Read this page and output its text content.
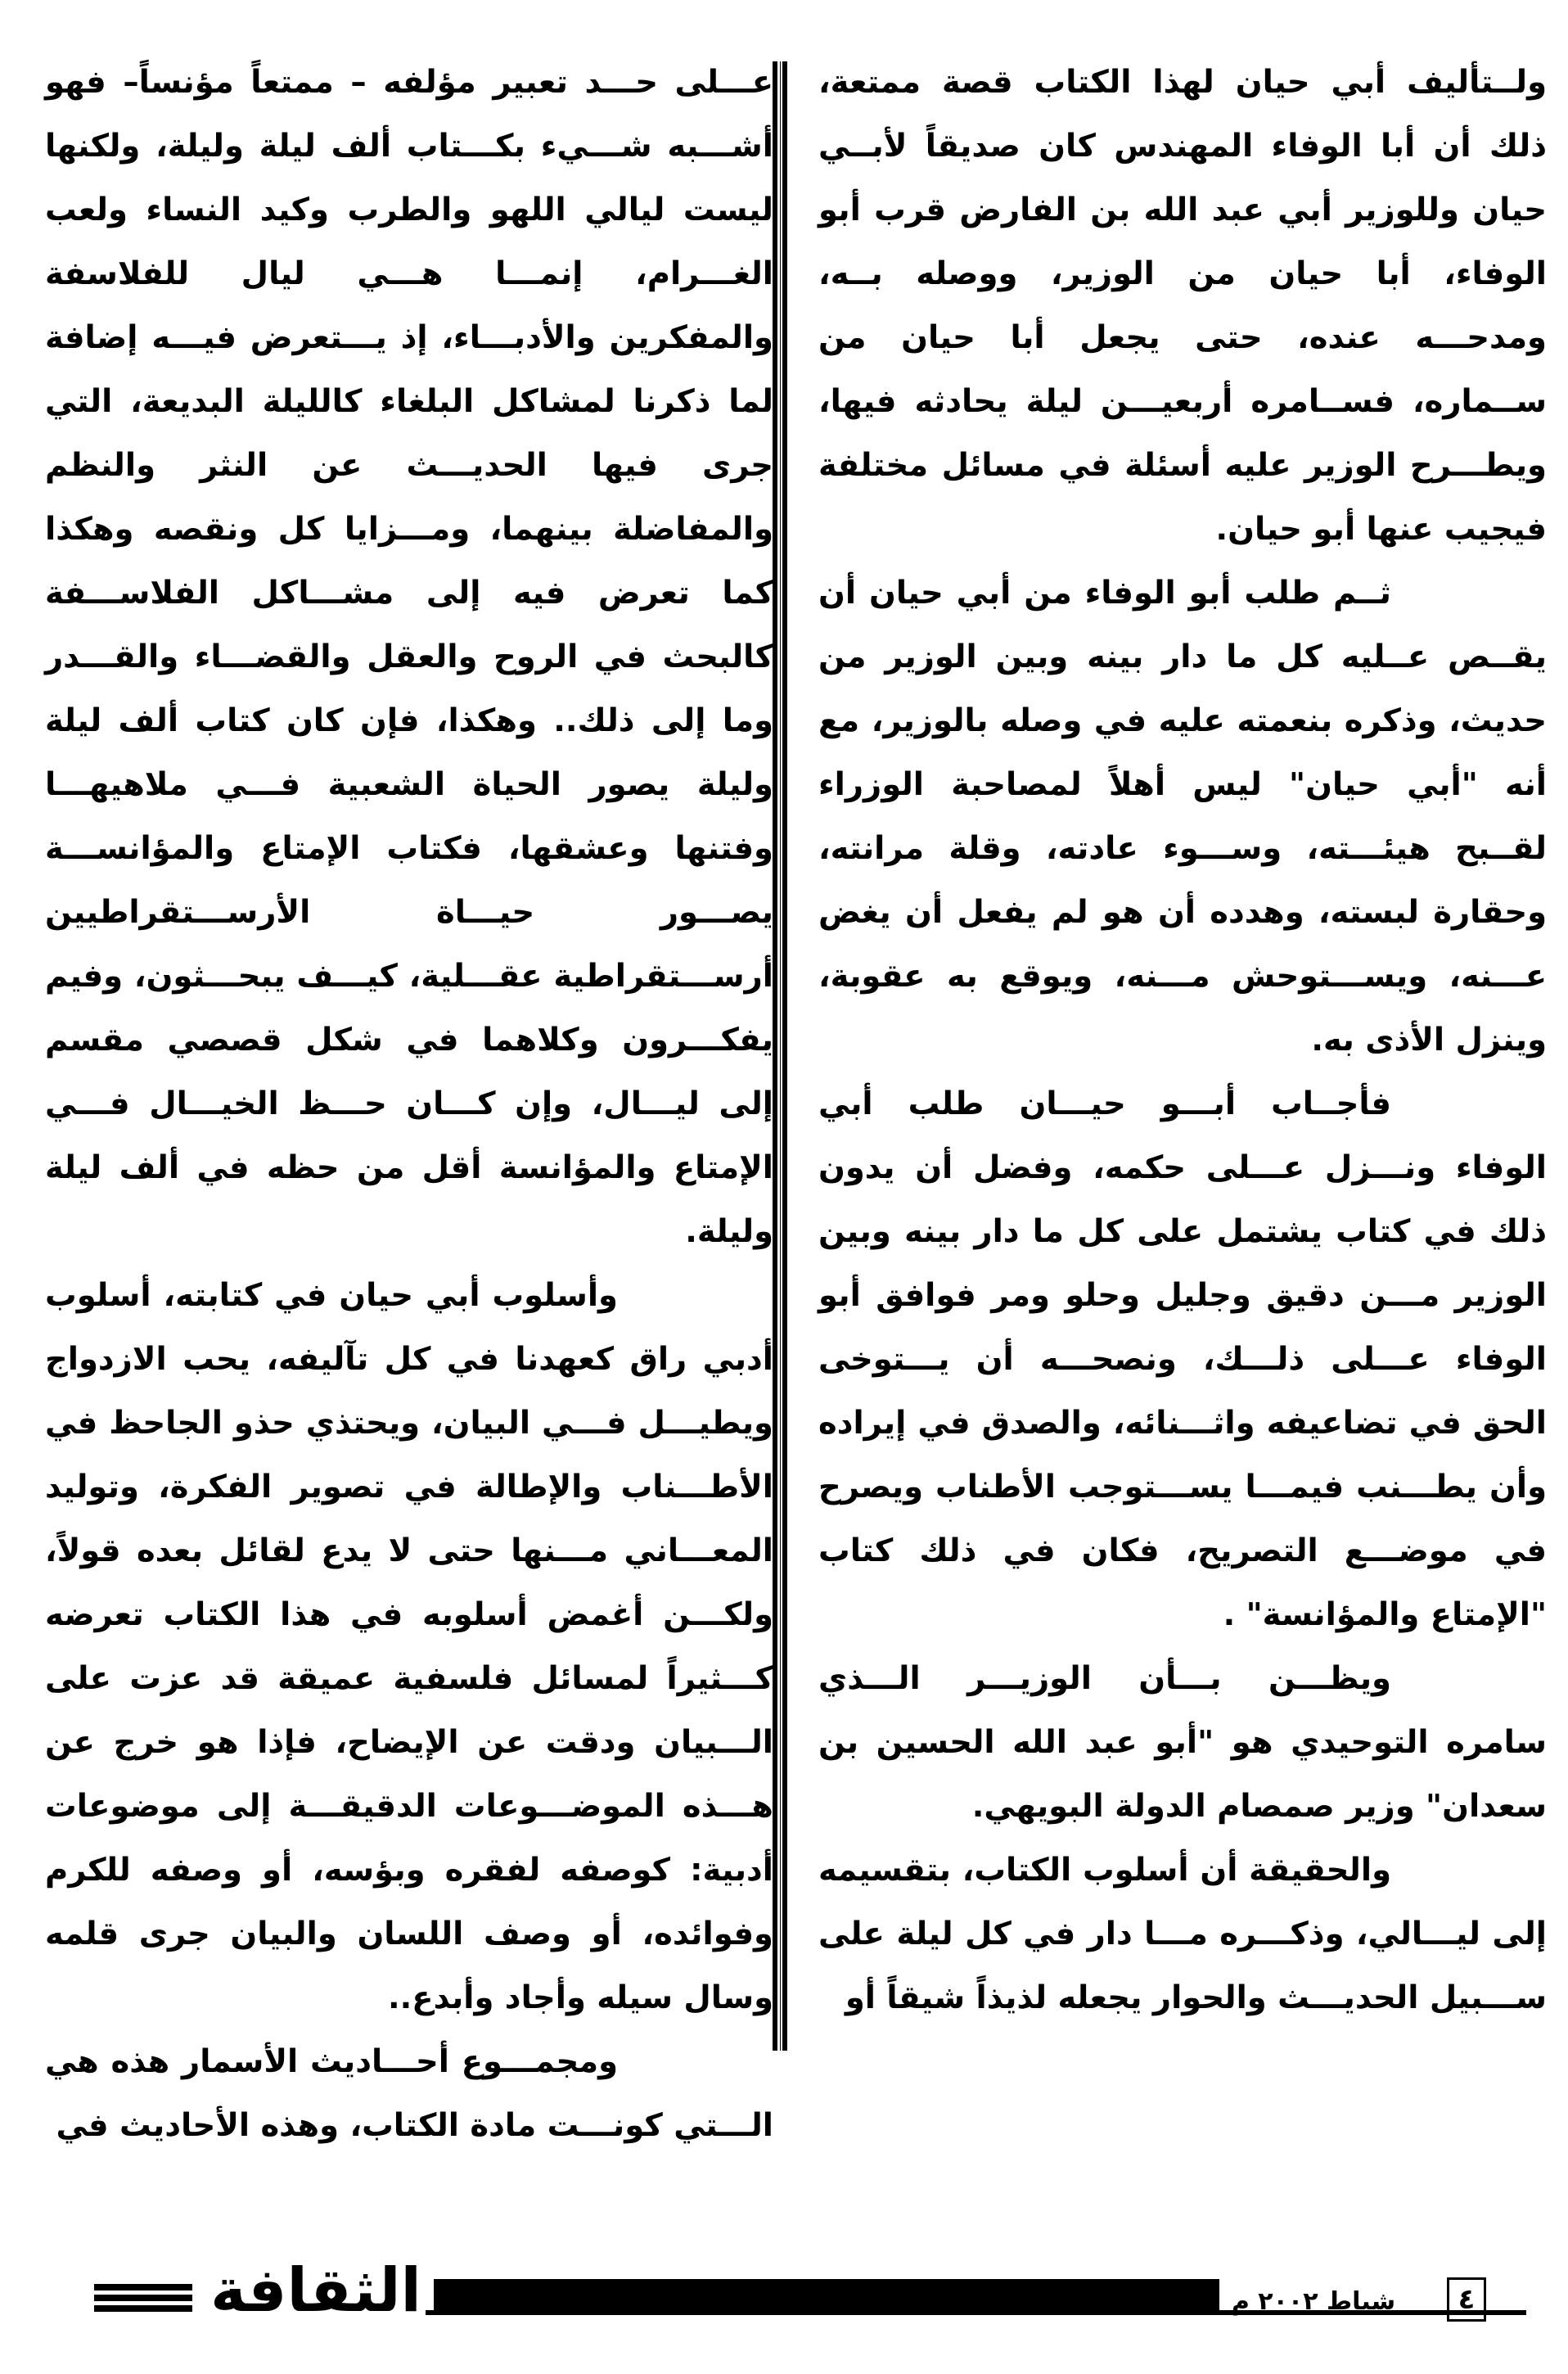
ولــتأليف أبي حيان لهذا الكتاب قصة ممتعة، ذلك أن أبا الوفاء المهندس كان صديقاً لأبــي حيان وللوزير أبي عبد الله بن الفارض قرب أبو الوفاء، أبا حيان من الوزير، ووصله بــه، ومدحـــه عنده، حتى يجعل أبا حيان من ســماره، فســامره أربعيـــن ليلة يحادثه فيها، ويطـــرح الوزير عليه أسئلة في مسائل مختلفة فيجيب عنها أبو حيان.

ثــم طلب أبو الوفاء من أبي حيان أن يقــص عــليه كل ما دار بينه وبين الوزير من حديث، وذكره بنعمته عليه في وصله بالوزير، مع أنه "أبي حيان" ليس أهلاً لمصاحبة الوزراء لقــبح هيئـــته، وســـوء عادته، وقلة مرانته، وحقارة لبسته، وهدده أن هو لم يفعل أن يغض عـــنه، ويســـتوحش مـــنه، ويوقع به عقوبة، وينزل الأذى به.

فأجــاب أبـــو حيـــان طلب أبي الوفاء ونـــزل عـــلى حكمه، وفضل أن يدون ذلك في كتاب يشتمل على كل ما دار بينه وبين الوزير مـــن دقيق وجليل وحلو ومر فوافق أبو الوفاء عـــلى ذلـــك، ونصحـــه أن يـــتوخى الحق في تضاعيفه واثـــنائه، والصدق في إيراده وأن يطـــنب فيمـــا يســـتوجب الأطناب ويصرح في موضـــع التصريح، فكان في ذلك كتاب "الإمتاع والمؤانسة" .

ويظـــن بـــأن الوزيـــر الـــذي سامره التوحيدي هو "أبو عبد الله الحسين بن سعدان" وزير صمصام الدولة البويهي.

والحقيقة أن أسلوب الكتاب، بتقسيمه إلى ليـــالي، وذكـــره مـــا دار في كل ليلة على ســـبيل الحديـــث والحوار يجعله لذيذاً شيقاً أو

عـــلى حـــد تعبير مؤلفه – ممتعاً مؤنساً– فهو أشـــبه شـــيء بكـــتاب ألف ليلة وليلة، ولكنها ليست ليالي اللهو والطرب وكيد النساء ولعب الغـــرام، إنمـــا هـــي ليال للفلاسفة والمفكرين والأدبـــاء، إذ يـــتعرض فيـــه إضافة لما ذكرنا لمشاكل البلغاء كالليلة البديعة، التي جرى فيها الحديـــث عن النثر والنظم والمفاضلة بينهما، ومـــزايا كل ونقصه وهكذا كما تعرض فيه إلى مشـــاكل الفلاســـفة كالبحث في الروح والعقل والقضـــاء والقـــدر وما إلى ذلك.. وهكذا، فإن كان كتاب ألف ليلة وليلة يصور الحياة الشعبية فـــي ملاهيهـــا وفتنها وعشقها، فكتاب الإمتاع والمؤانســـة يصـــور حيـــاة الأرســـتقراطيين أرســـتقراطية عقـــلية، كيـــف يبحـــثون، وفيم يفكـــرون وكلاهما في شكل قصصي مقسم إلى ليـــال، وإن كـــان حـــظ الخيـــال فـــي الإمتاع والمؤانسة أقل من حظه في ألف ليلة وليلة.

وأسلوب أبي حيان في كتابته، أسلوب أدبي راق كعهدنا في كل تآليفه، يحب الازدواج ويطيـــل فـــي البيان، ويحتذي حذو الجاحظ في الأطـــناب والإطالة في تصوير الفكرة، وتوليد المعـــاني مـــنها حتى لا يدع لقائل بعده قولاً، ولكـــن أغمض أسلوبه في هذا الكتاب تعرضه كـــثيراً لمسائل فلسفية عميقة قد عزت على الـــبيان ودقت عن الإيضاح، فإذا هو خرج عن هـــذه الموضـــوعات الدقيقـــة إلى موضوعات أدبية: كوصفه لفقره وبؤسه، أو وصفه للكرم وفوائده، أو وصف اللسان والبيان جرى قلمه وسال سيله وأجاد وأبدع..

ومجمـــوع أحـــاديث الأسمار هذه هي الـــتي كونـــت مادة الكتاب، وهذه الأحاديث في

الثقافة	شباط ٢٠٠٢ م	٤
